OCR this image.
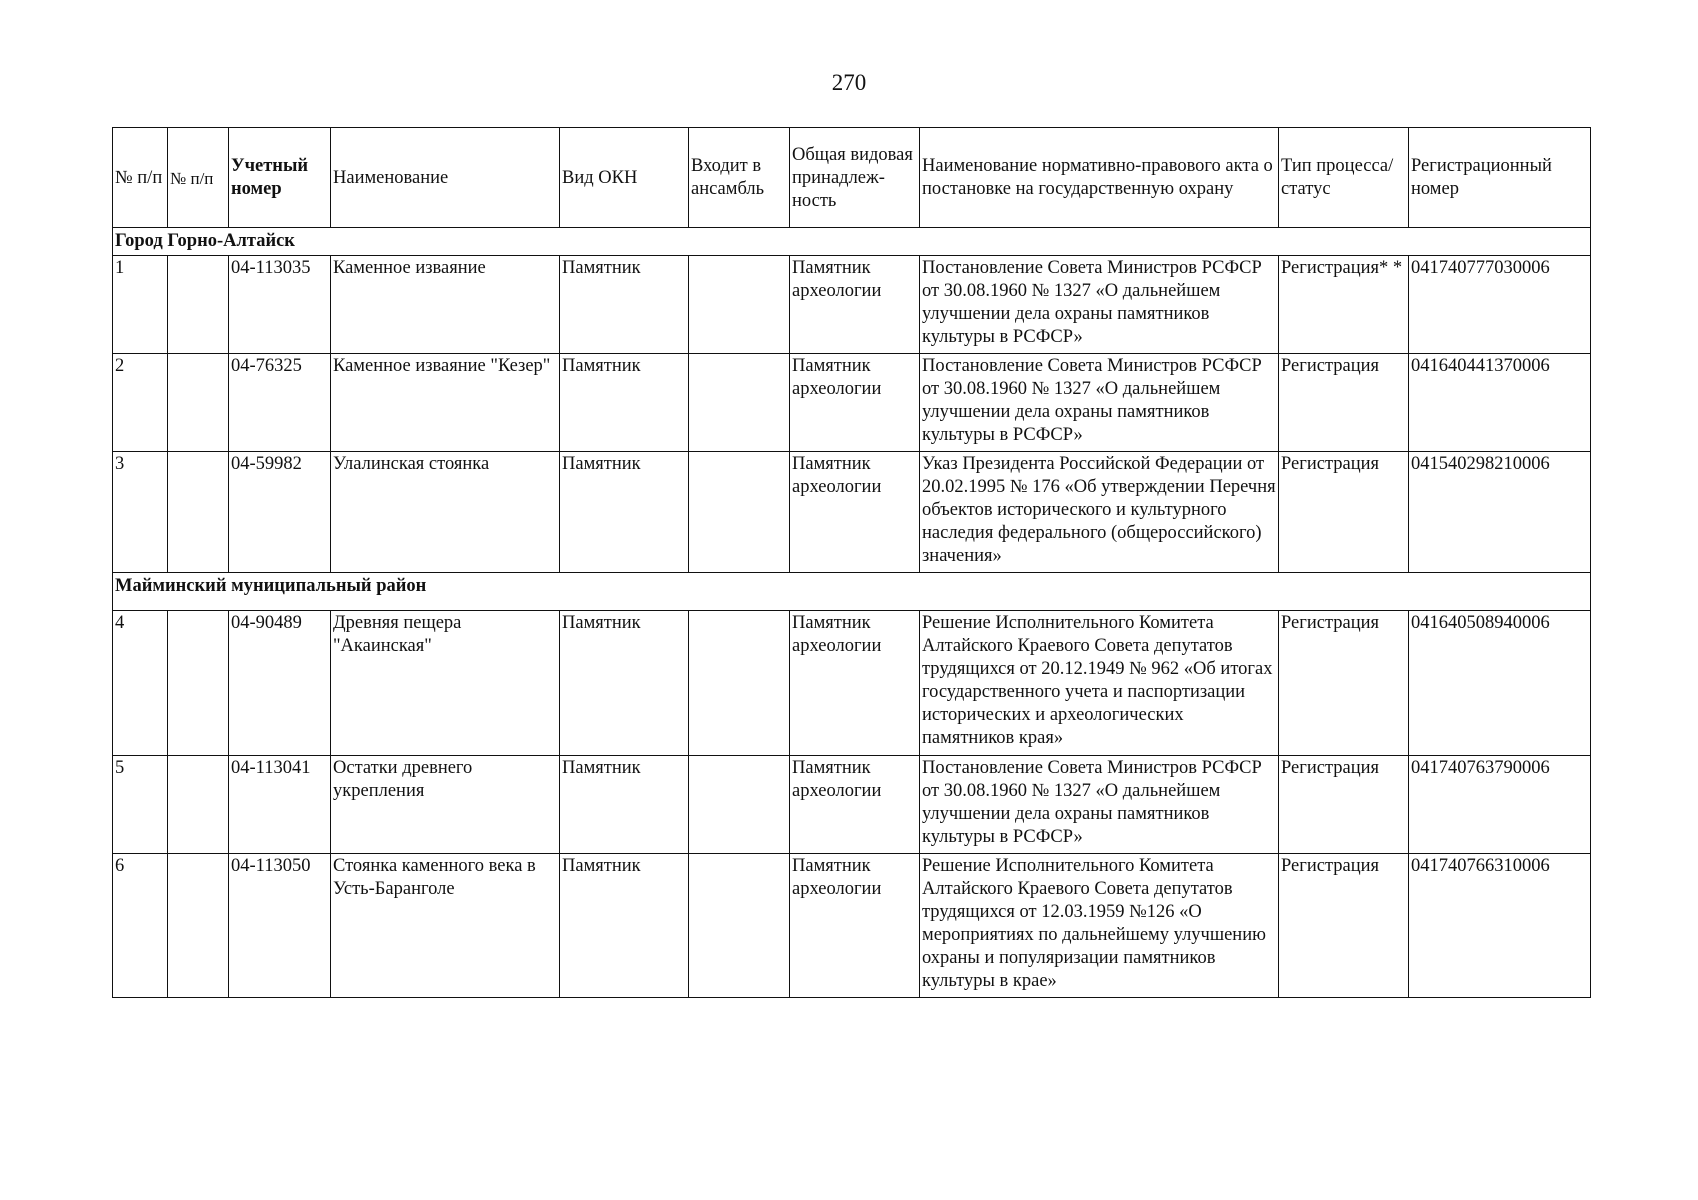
270
№ п/п	№ п/п	Учетный номер	Наименование	Вид ОКН	Входит в ансамбль	Общая видовая принадлеж-ность	Наименование нормативно-правового акта о постановке на государственную охрану	Тип процесса/ статус	Регистрационный номер
Город Горно-Алтайск									
1		04-113035	Каменное изваяние	Памятник		Памятник археологии	Постановление Совета Министров РСФСР от 30.08.1960 № 1327 «О дальнейшем улучшении дела охраны памятников культуры в РСФСР»	Регистрация* *	041740777030006
2		04-76325	Каменное изваяние "Кезер"	Памятник		Памятник археологии	Постановление Совета Министров РСФСР от 30.08.1960 № 1327 «О дальнейшем улучшении дела охраны памятников культуры в РСФСР»	Регистрация	041640441370006
3		04-59982	Улалинская стоянка	Памятник		Памятник археологии	Указ Президента Российской Федерации от 20.02.1995 № 176 «Об утверждении Перечня объектов исторического и культурного наследия федерального (общероссийского) значения»	Регистрация	041540298210006
Майминский муниципальный район									
4		04-90489	Древняя пещера "Акаинская"	Памятник		Памятник археологии	Решение Исполнительного Комитета Алтайского Краевого Совета депутатов трудящихся от 20.12.1949 № 962 «Об итогах государственного учета и паспортизации исторических и археологических памятников края»	Регистрация	041640508940006
5		04-113041	Остатки древнего укрепления	Памятник		Памятник археологии	Постановление Совета Министров РСФСР от 30.08.1960 № 1327 «О дальнейшем улучшении дела охраны памятников культуры в РСФСР»	Регистрация	041740763790006
6		04-113050	Стоянка каменного века в Усть-Баранголе	Памятник		Памятник археологии	Решение Исполнительного Комитета Алтайского Краевого Совета депутатов трудящихся от 12.03.1959 №126 «О мероприятиях по дальнейшему улучшению охраны и популяризации памятников культуры в крае»	Регистрация	041740766310006
